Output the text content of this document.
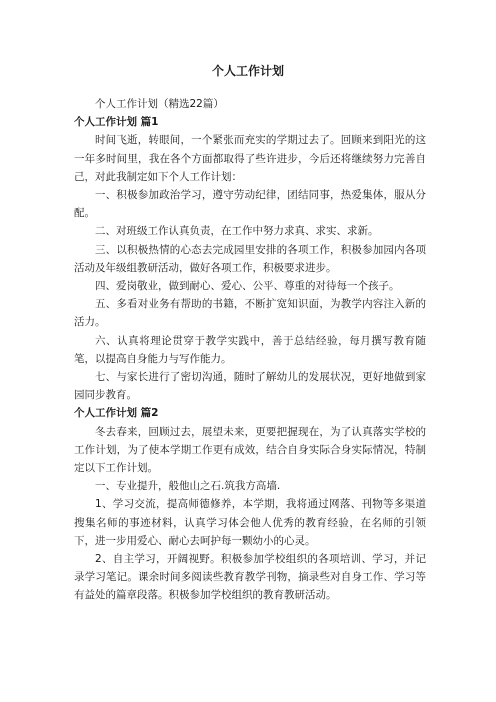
个人工作计划

个人工作计划（精选22篇）

个人工作计划 篇1

时间飞逝，转眼间，一个紧张而充实的学期过去了。回顾来到阳光的这一年多时间里，我在各个方面都取得了些许进步，今后还将继续努力完善自己，对此我制定如下个人工作计划：

一、积极参加政治学习，遵守劳动纪律，团结同事，热爱集体，服从分配。

二、对班级工作认真负责，在工作中努力求真、求实、求新。

三、以积极热情的心态去完成园里安排的各项工作，积极参加园内各项活动及年级组教研活动，做好各项工作，积极要求进步。

四、爱岗敬业，做到耐心、爱心、公平、尊重的对待每一个孩子。

五、多看对业务有帮助的书籍，不断扩宽知识面，为教学内容注入新的活力。

六、认真将理论贯穿于教学实践中，善于总结经验，每月撰写教育随笔，以提高自身能力与写作能力。

七、与家长进行了密切沟通，随时了解幼儿的发展状况，更好地做到家园同步教育。

个人工作计划 篇2

冬去春来，回顾过去，展望未来，更要把握现在，为了认真落实学校的工作计划，为了使本学期工作更有成效，结合自身实际合身实际情况，特制定以下工作计划。

一、专业提升，般他山之石.筑我方高墙.

1、学习交流，提高师德修养，本学期，我将通过网落、刊物等多渠道搜集名师的事迹材料，认真学习体会他人优秀的教育经验，在名师的引领下，进一步用爱心、耐心去呵护每一颗幼小的心灵。

2、自主学习，开阔视野。积极参加学校组织的各项培训、学习，并记录学习笔记。课余时间多阅读些教育教学刊物，摘录些对自身工作、学习等有益处的篇章段落。积极参加学校组织的教育教研活动。
